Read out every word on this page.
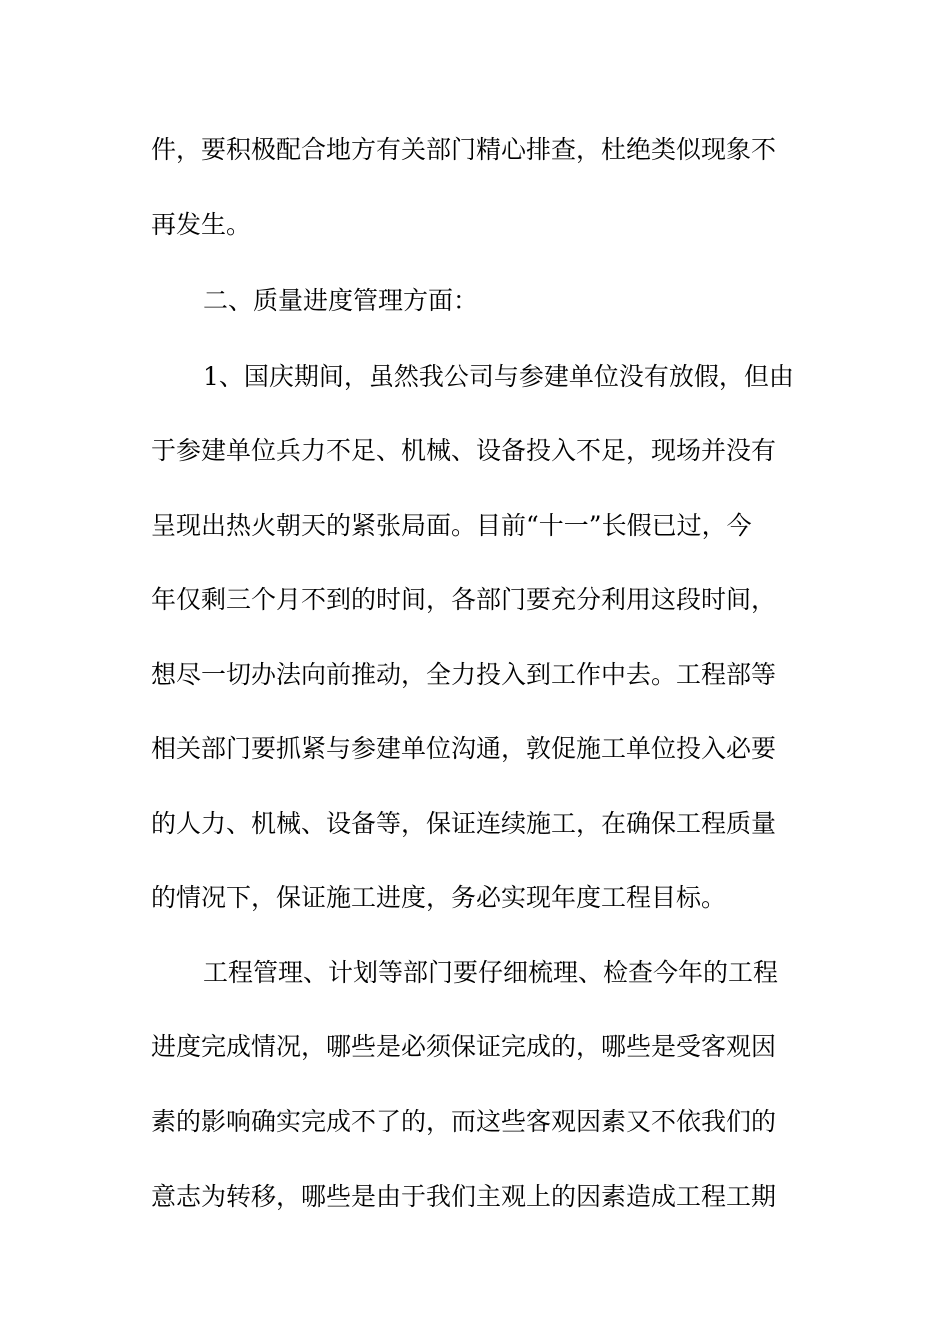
件，要积极配合地方有关部门精心排查，杜绝类似现象不
再发生。
二、质量进度管理方面：
1、国庆期间，虽然我公司与参建单位没有放假，但由
于参建单位兵力不足、机械、设备投入不足，现场并没有
呈现出热火朝天的紧张局面。目前“十一”长假已过，今
年仅剩三个月不到的时间，各部门要充分利用这段时间，
想尽一切办法向前推动，全力投入到工作中去。工程部等
相关部门要抓紧与参建单位沟通，敦促施工单位投入必要
的人力、机械、设备等，保证连续施工，在确保工程质量
的情况下，保证施工进度，务必实现年度工程目标。
工程管理、计划等部门要仔细梳理、检查今年的工程
进度完成情况，哪些是必须保证完成的，哪些是受客观因
素的影响确实完成不了的，而这些客观因素又不依我们的
意志为转移，哪些是由于我们主观上的因素造成工程工期
